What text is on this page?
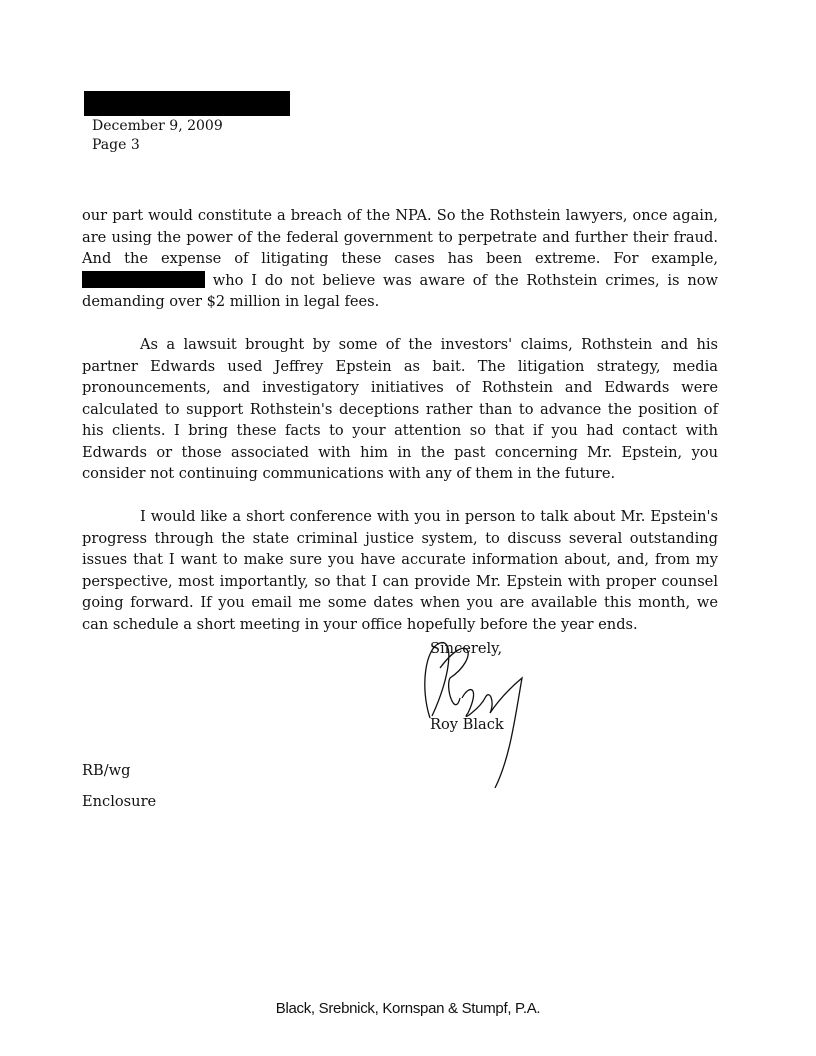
December 9, 2009
Page 3

our part would constitute a breach of the NPA. So the Rothstein lawyers, once again, are using the power of the federal government to perpetrate and further their fraud. And the expense of litigating these cases has been extreme. For example,  who I do not believe was aware of the Rothstein crimes, is now demanding over $2 million in legal fees.

As a lawsuit brought by some of the investors' claims, Rothstein and his partner Edwards used Jeffrey Epstein as bait. The litigation strategy, media pronouncements, and investigatory initiatives of Rothstein and Edwards were calculated to support Rothstein's deceptions rather than to advance the position of his clients. I bring these facts to your attention so that if you had contact with Edwards or those associated with him in the past concerning Mr. Epstein, you consider not continuing communications with any of them in the future.

I would like a short conference with you in person to talk about Mr. Epstein's progress through the state criminal justice system, to discuss several outstanding issues that I want to make sure you have accurate information about, and, from my perspective, most importantly, so that I can provide Mr. Epstein with proper counsel going forward. If you email me some dates when you are available this month, we can schedule a short meeting in your office hopefully before the year ends.

Sincerely,
Roy Black
RB/wg
Enclosure
Black, Srebnick, Kornspan & Stumpf, P.A.
